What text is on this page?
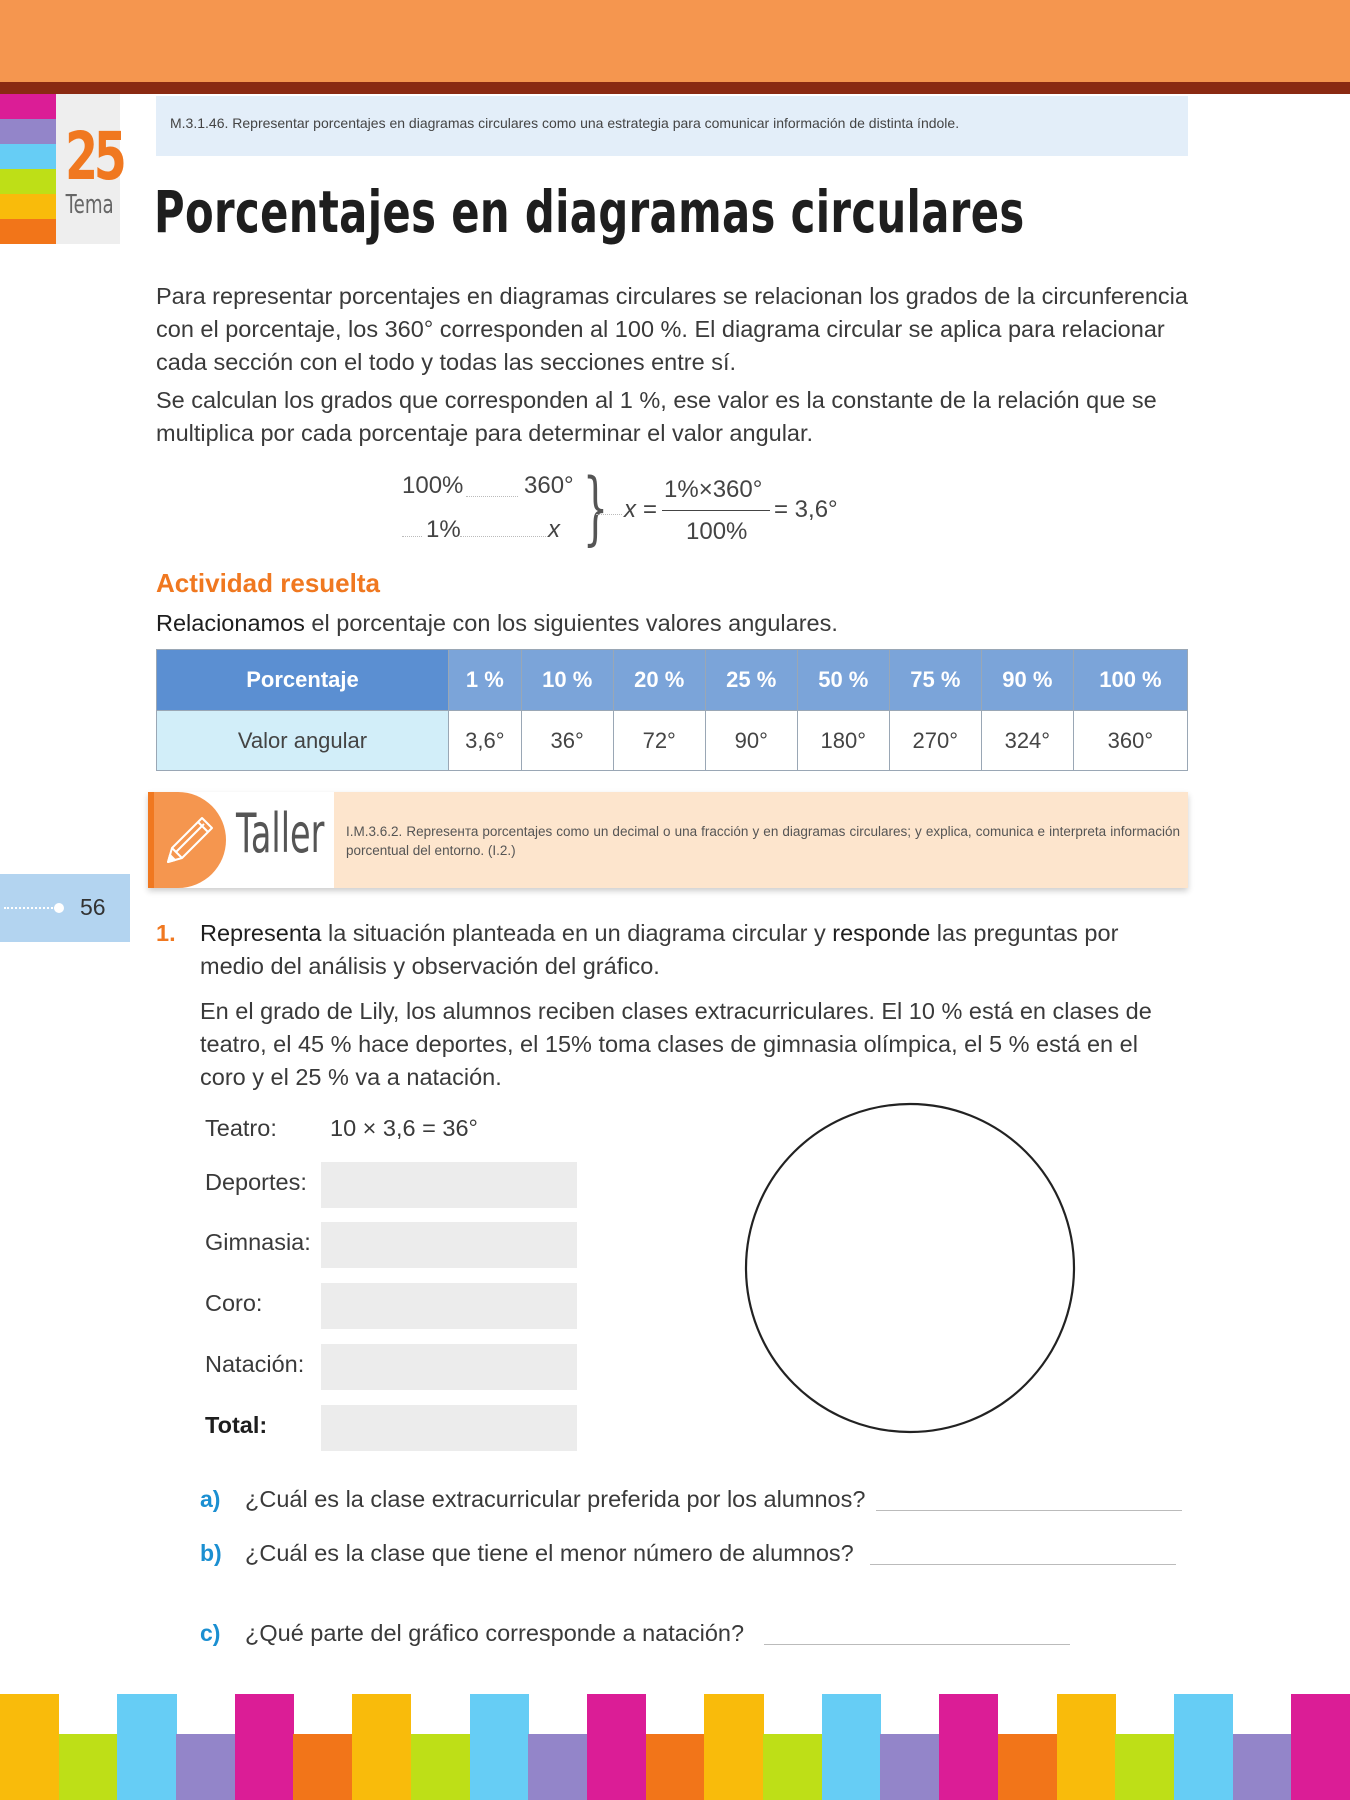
25
Tema
M.3.1.46. Representar porcentajes en diagramas circulares como una estrategia para comunicar información de distinta índole.
Porcentajes en diagramas circulares

Para representar porcentajes en diagramas circulares se relacionan los grados de la circunferencia con el porcentaje, los 360° corresponden al 100 %. El diagrama circular se aplica para relacionar cada sección con el todo y todas las secciones entre sí.

Se calculan los grados que corresponden al 1 %, ese valor es la constante de la relación que se multiplica por cada porcentaje para determinar el valor angular.

100%	360°
1%	x } x =
1%×360°
100%
= 3,6°
Actividad resuelta
Relacionamos el porcentaje con los siguientes valores angulares.
Porcentaje	1 %	10 %	20 %	25 %	50 %	75 %	90 %	100 %
Valor angular	3,6°	36°	72°	90°	180°	270°	324°	360°
Taller I.M.3.6.2. Represента porcentajes como un decimal o una fracción y en diagramas circulares; y explica, comunica e interpreta información porcentual del entorno. (I.2.)
56
1. Representa la situación planteada en un diagrama circular y responde las preguntas por medio del análisis y observación del gráfico.

En el grado de Lily, los alumnos reciben clases extracurriculares. El 10 % está en clases de teatro, el 45 % hace deportes, el 15% toma clases de gimnasia olímpica, el 5 % está en el coro y el 25 % va a natación.

Teatro: 10 × 3,6 = 36°
Deportes:
Gimnasia:
Coro:
Natación:
Total:
a) ¿Cuál es la clase extracurricular preferida por los alumnos?
b) ¿Cuál es la clase que tiene el menor número de alumnos?
c) ¿Qué parte del gráfico corresponde a natación?
